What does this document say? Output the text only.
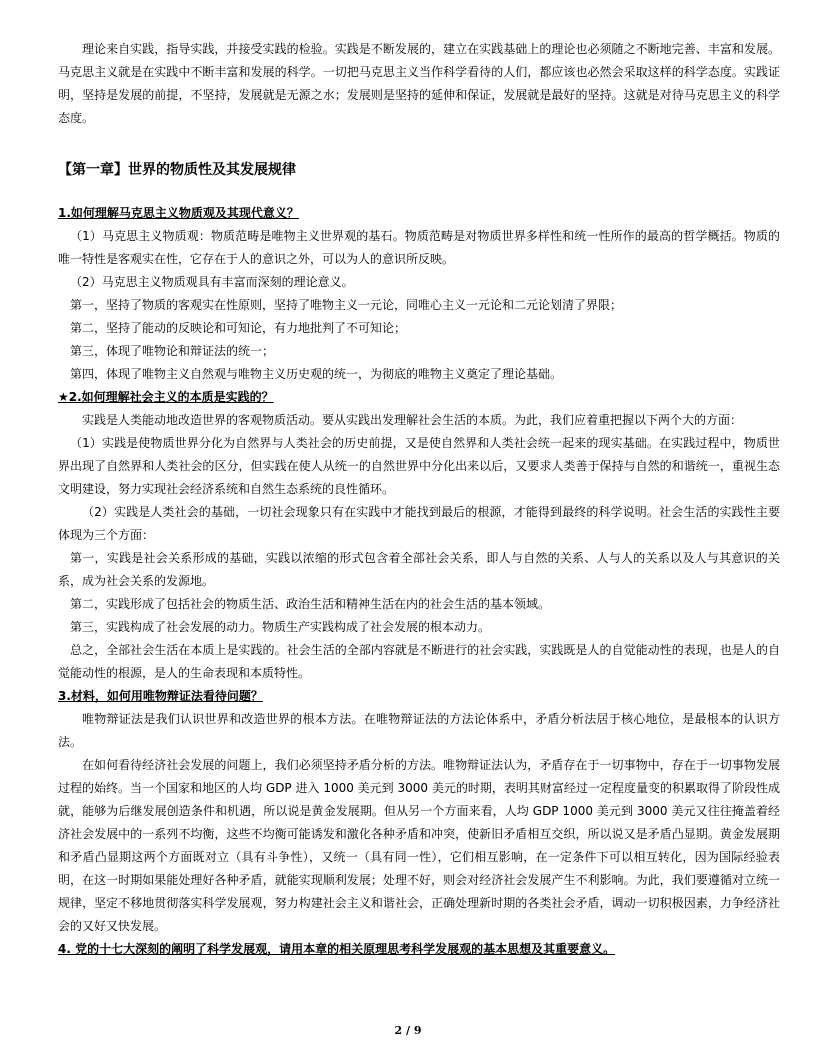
理论来自实践，指导实践，并接受实践的检验。实践是不断发展的，建立在实践基础上的理论也必须随之不断地完善、丰富和发展。马克思主义就是在实践中不断丰富和发展的科学。一切把马克思主义当作科学看待的人们，都应该也必然会采取这样的科学态度。实践证明，坚持是发展的前提，不坚持，发展就是无源之水；发展则是坚持的延伸和保证，发展就是最好的坚持。这就是对待马克思主义的科学态度。

【第一章】世界的物质性及其发展规律
1.如何理解马克思主义物质观及其现代意义？

（1）马克思主义物质观：物质范畴是唯物主义世界观的基石。物质范畴是对物质世界多样性和统一性所作的最高的哲学概括。物质的唯一特性是客观实在性，它存在于人的意识之外，可以为人的意识所反映。

（2）马克思主义物质观具有丰富而深刻的理论意义。

第一，坚持了物质的客观实在性原则，坚持了唯物主义一元论，同唯心主义一元论和二元论划清了界限；

第二，坚持了能动的反映论和可知论，有力地批判了不可知论；

第三，体现了唯物论和辩证法的统一；

第四，体现了唯物主义自然观与唯物主义历史观的统一，为彻底的唯物主义奠定了理论基础。

★2.如何理解社会主义的本质是实践的？

实践是人类能动地改造世界的客观物质活动。要从实践出发理解社会生活的本质。为此，我们应着重把握以下两个大的方面：

（1）实践是使物质世界分化为自然界与人类社会的历史前提，又是使自然界和人类社会统一起来的现实基础。在实践过程中，物质世界出现了自然界和人类社会的区分，但实践在使人从统一的自然世界中分化出来以后，又要求人类善于保持与自然的和谐统一，重视生态文明建设，努力实现社会经济系统和自然生态系统的良性循环。

（2）实践是人类社会的基础，一切社会现象只有在实践中才能找到最后的根源，才能得到最终的科学说明。社会生活的实践性主要体现为三个方面：

第一，实践是社会关系形成的基础，实践以浓缩的形式包含着全部社会关系，即人与自然的关系、人与人的关系以及人与其意识的关系，成为社会关系的发源地。

第二，实践形成了包括社会的物质生活、政治生活和精神生活在内的社会生活的基本领域。

第三，实践构成了社会发展的动力。物质生产实践构成了社会发展的根本动力。

总之，全部社会生活在本质上是实践的。社会生活的全部内容就是不断进行的社会实践，实践既是人的自觉能动性的表现，也是人的自觉能动性的根源，是人的生命表现和本质特性。

3.材料，如何用唯物辩证法看待问题？

唯物辩证法是我们认识世界和改造世界的根本方法。在唯物辩证法的方法论体系中，矛盾分析法居于核心地位，是最根本的认识方法。

在如何看待经济社会发展的问题上，我们必须坚持矛盾分析的方法。唯物辩证法认为，矛盾存在于一切事物中，存在于一切事物发展过程的始终。当一个国家和地区的人均 GDP 进入 1000 美元到 3000 美元的时期，表明其财富经过一定程度量变的积累取得了阶段性成就，能够为后继发展创造条件和机遇，所以说是黄金发展期。但从另一个方面来看，人均 GDP 1000 美元到 3000 美元又往往掩盖着经济社会发展中的一系列不均衡，这些不均衡可能诱发和激化各种矛盾和冲突，使新旧矛盾相互交织，所以说又是矛盾凸显期。黄金发展期和矛盾凸显期这两个方面既对立（具有斗争性），又统一（具有同一性），它们相互影响，在一定条件下可以相互转化，因为国际经验表明，在这一时期如果能处理好各种矛盾，就能实现顺利发展；处理不好，则会对经济社会发展产生不利影响。为此，我们要遵循对立统一规律，坚定不移地贯彻落实科学发展观，努力构建社会主义和谐社会，正确处理新时期的各类社会矛盾，调动一切积极因素，力争经济社会的又好又快发展。

4. 党的十七大深刻的阐明了科学发展观，请用本章的相关原理思考科学发展观的基本思想及其重要意义。
2 / 9
